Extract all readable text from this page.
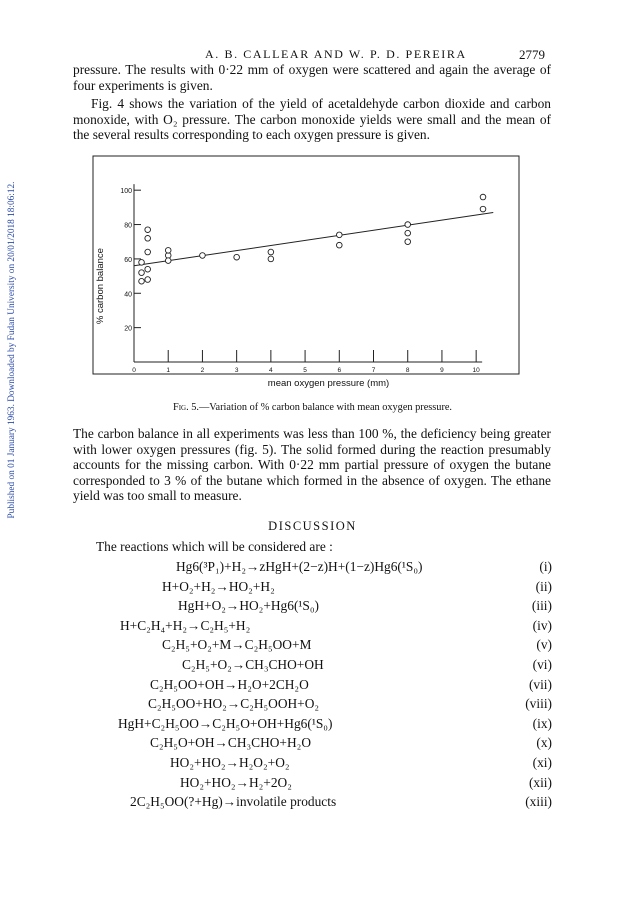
Published on 01 January 1963. Downloaded by Fudan University on 20/01/2018 18:06:12.
A. B. CALLEAR AND W. P. D. PEREIRA	2779

pressure. The results with 0·22 mm of oxygen were scattered and again the average of four experiments is given.

Fig. 4 shows the variation of the yield of acetaldehyde carbon dioxide and carbon monoxide, with O₂ pressure. The carbon monoxide yields were small and the mean of the several results corresponding to each oxygen pressure is given.

20
40
60
80
100
0	1	2	3	4	5	6	7	8	9	10
% carbon balance
mean oxygen pressure (mm)
Fig. 5.—Variation of % carbon balance with mean oxygen pressure.

The carbon balance in all experiments was less than 100 %, the deficiency being greater with lower oxygen pressures (fig. 5). The solid formed during the reaction presumably accounts for the missing carbon. With 0·22 mm partial pressure of oxygen the butane corresponded to 3 % of the butane which formed in the absence of oxygen. The ethane yield was too small to measure.

DISCUSSION
The reactions which will be considered are :
Hg6(³P₁)+H₂→zHgH+(2−z)H+(1−z)Hg6(¹S₀)	(i)
H+O₂+H₂→HO₂+H₂	(ii)
HgH+O₂→HO₂+Hg6(¹S₀)	(iii)
H+C₂H₄+H₂→C₂H₅+H₂	(iv)
C₂H₅+O₂+M→C₂H₅OO+M	(v)
C₂H₅+O₂→CH₃CHO+OH	(vi)
C₂H₅OO+OH→H₂O+2CH₂O	(vii)
C₂H₅OO+HO₂→C₂H₅OOH+O₂	(viii)
HgH+C₂H₅OO→C₂H₅O+OH+Hg6(¹S₀)	(ix)
C₂H₅O+OH→CH₃CHO+H₂O	(x)
HO₂+HO₂→H₂O₂+O₂	(xi)
HO₂+HO₂→H₂+2O₂	(xii)
2C₂H₅OO(?+Hg)→involatile products	(xiii)
